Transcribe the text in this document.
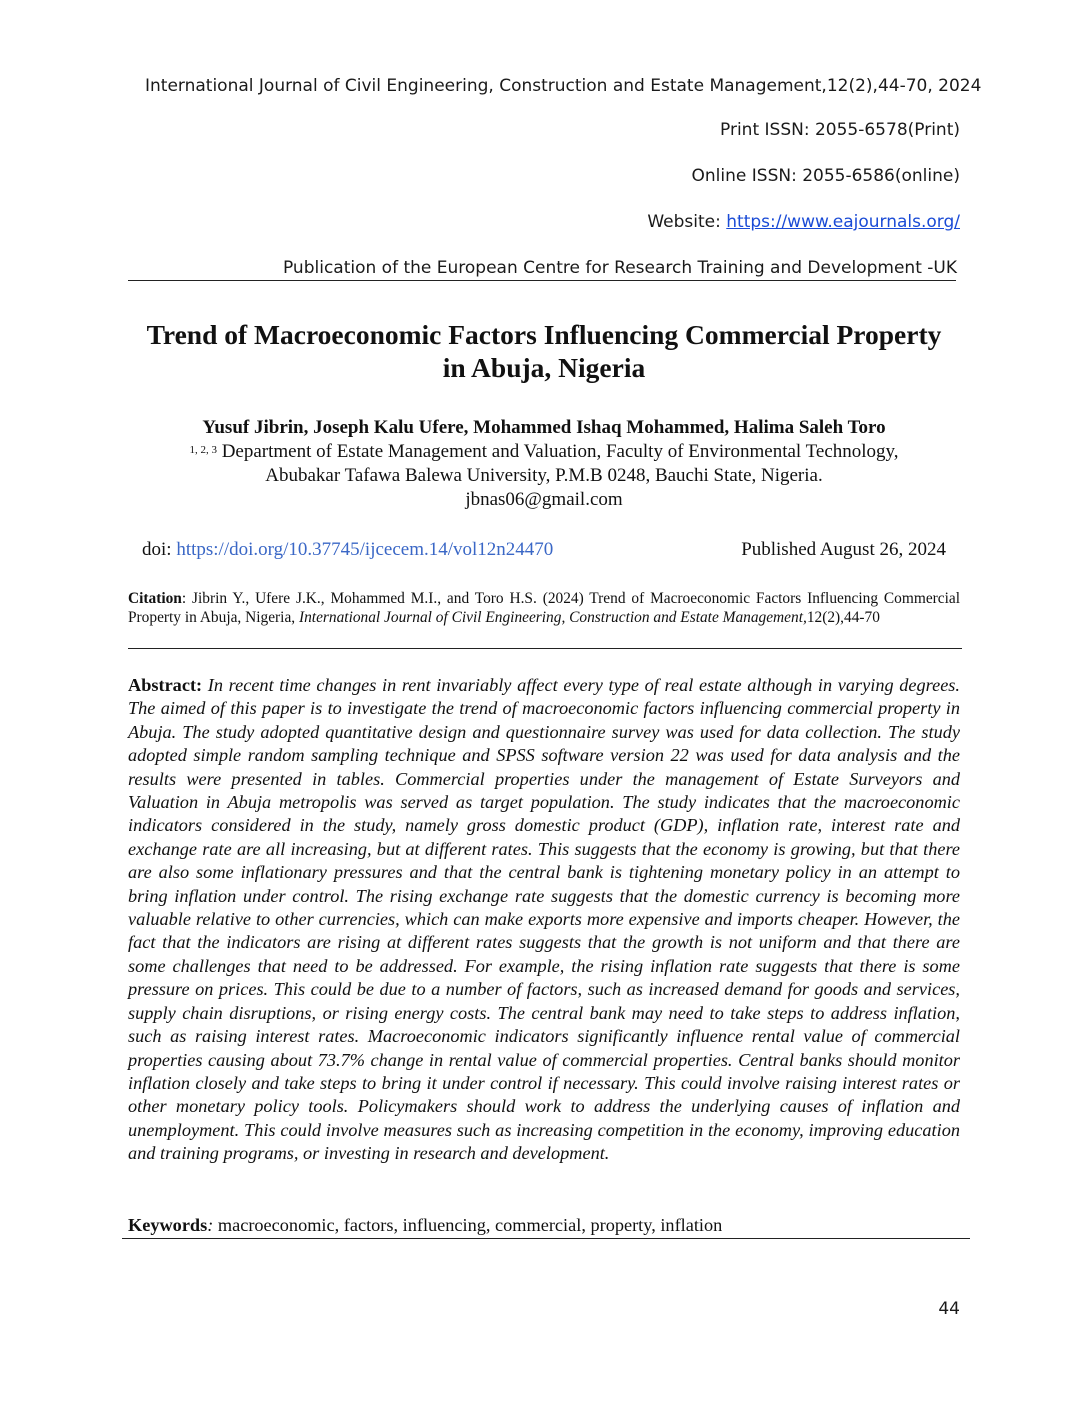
International Journal of Civil Engineering, Construction and Estate Management,12(2),44-70, 2024
Print ISSN: 2055-6578(Print)
Online ISSN: 2055-6586(online)
Website: https://www.eajournals.org/
Publication of the European Centre for Research Training and Development -UK
Trend of Macroeconomic Factors Influencing Commercial Property
in Abuja, Nigeria
Yusuf Jibrin, Joseph Kalu Ufere, Mohammed Ishaq Mohammed, Halima Saleh Toro
$^{1, 2, 3}$ Department of Estate Management and Valuation, Faculty of Environmental Technology,
Abubakar Tafawa Balewa University, P.M.B 0248, Bauchi State, Nigeria.
jbnas06@gmail.com
doi: https://doi.org/10.37745/ijcecem.14/vol12n24470	Published August 26, 2024
Citation: Jibrin Y., Ufere J.K., Mohammed M.I., and Toro H.S. (2024) Trend of Macroeconomic Factors Influencing Commercial Property in Abuja, Nigeria, International Journal of Civil Engineering, Construction and Estate Management,12(2),44-70
Abstract: In recent time changes in rent invariably affect every type of real estate although in varying degrees. The aimed of this paper is to investigate the trend of macroeconomic factors influencing commercial property in Abuja. The study adopted quantitative design and questionnaire survey was used for data collection. The study adopted simple random sampling technique and SPSS software version 22 was used for data analysis and the results were presented in tables. Commercial properties under the management of Estate Surveyors and Valuation in Abuja metropolis was served as target population. The study indicates that the macroeconomic indicators considered in the study, namely gross domestic product (GDP), inflation rate, interest rate and exchange rate are all increasing, but at different rates. This suggests that the economy is growing, but that there are also some inflationary pressures and that the central bank is tightening monetary policy in an attempt to bring inflation under control. The rising exchange rate suggests that the domestic currency is becoming more valuable relative to other currencies, which can make exports more expensive and imports cheaper. However, the fact that the indicators are rising at different rates suggests that the growth is not uniform and that there are some challenges that need to be addressed. For example, the rising inflation rate suggests that there is some pressure on prices. This could be due to a number of factors, such as increased demand for goods and services, supply chain disruptions, or rising energy costs. The central bank may need to take steps to address inflation, such as raising interest rates. Macroeconomic indicators significantly influence rental value of commercial properties causing about 73.7% change in rental value of commercial properties. Central banks should monitor inflation closely and take steps to bring it under control if necessary. This could involve raising interest rates or other monetary policy tools. Policymakers should work to address the underlying causes of inflation and unemployment. This could involve measures such as increasing competition in the economy, improving education and training programs, or investing in research and development.
Keywords: macroeconomic, factors, influencing, commercial, property, inflation
44
